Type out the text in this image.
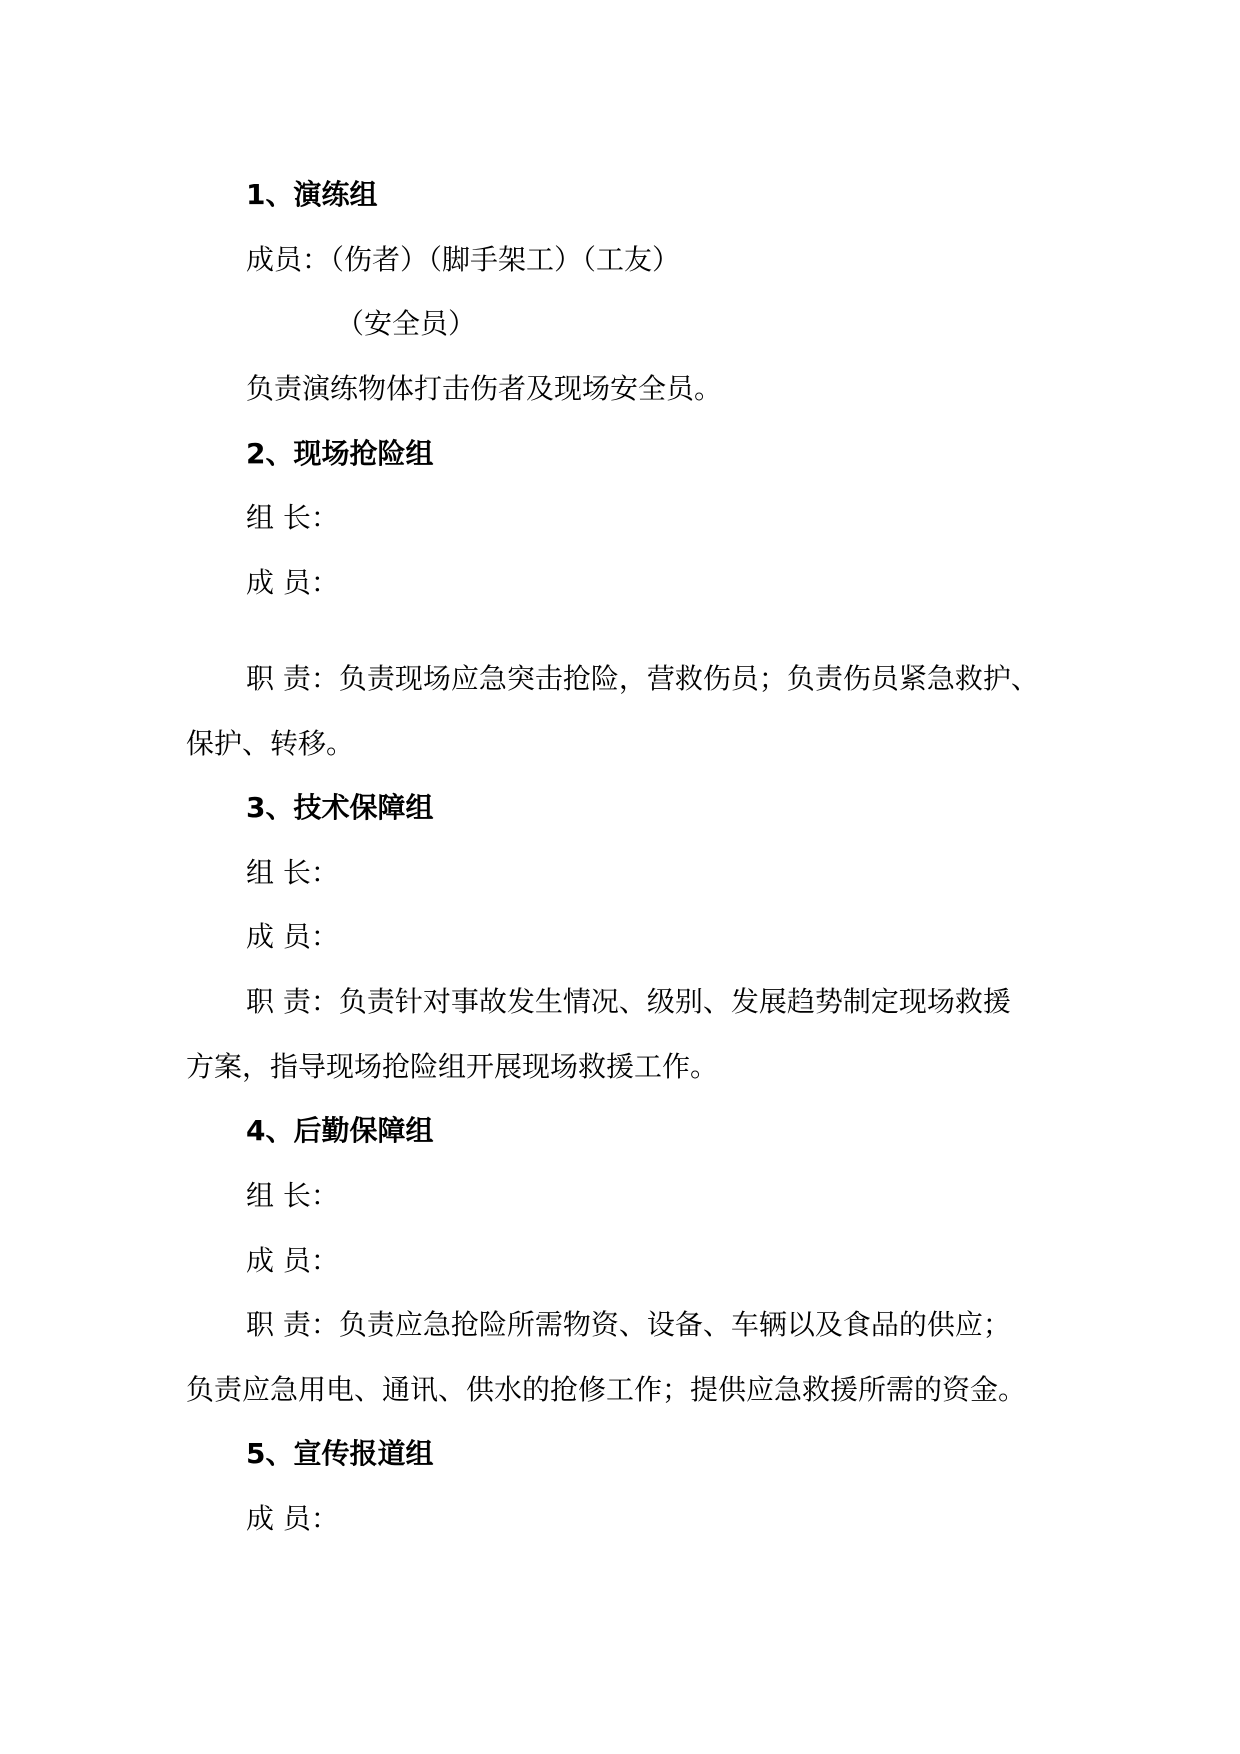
1、演练组
成员：（伤者）（脚手架工）（工友）
（安全员）
负责演练物体打击伤者及现场安全员。
2、现场抢险组
组 长：
成 员：
职 责：负责现场应急突击抢险，营救伤员；负责伤员紧急救护、
保护、转移。
3、技术保障组
组 长：
成 员：
职 责：负责针对事故发生情况、级别、发展趋势制定现场救援
方案，指导现场抢险组开展现场救援工作。
4、后勤保障组
组 长：
成 员：
职 责：负责应急抢险所需物资、设备、车辆以及食品的供应；
负责应急用电、通讯、供水的抢修工作；提供应急救援所需的资金。
5、宣传报道组
成 员：
